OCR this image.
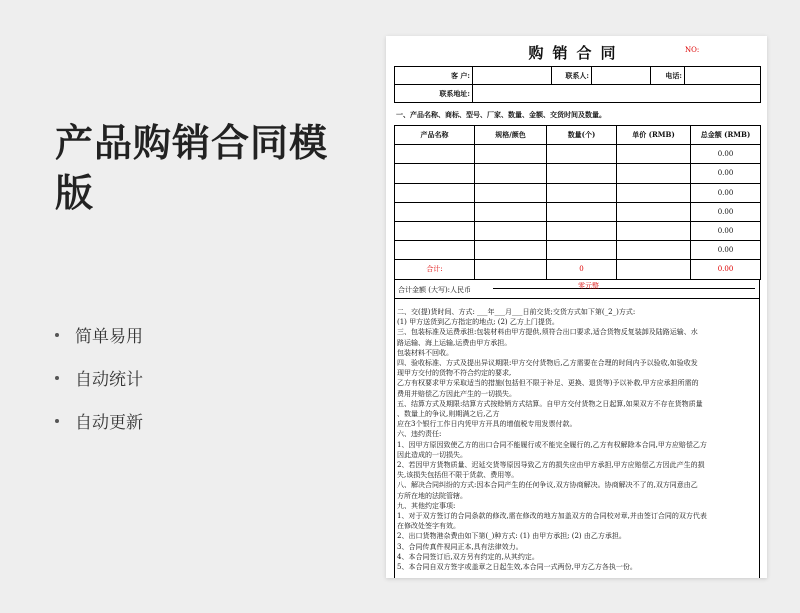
产品购销合同模
版
简单易用
自动统计
自动更新
购销合同	NO:
客 户:		联系人:		电话:	
联系地址:					
一、产品名称、商标、型号、厂家、数量、金额、交货时间及数量。
产品名称	规格/颜色	数量(个)	单价 (RMB)	总金额 (RMB)
				0.00
				0.00
				0.00
				0.00
				0.00
				0.00
合计:		0		0.00
合计金额 (大写):人民币	零元整
二、交(提)货时间、方式: ___年___月___日前交货;交货方式如下第(_2_)方式:
(1) 甲方送货到乙方指定的地点; (2) 乙方上门提货。
三、包装标准及运费承担:包装材料由甲方提供,须符合出口要求,适合货物反复装卸及陆路运输、水
路运输、海上运输,运费由甲方承担。
包装材料不回收。
四、验收标准、方式及提出异议期限:甲方交付货物后,乙方需要在合理的时间内予以验收,如验收发
现甲方交付的货物不符合约定的要求,
乙方有权要求甲方采取适当的措施(包括但不限于补足、更换、退货等)予以补救,甲方应承担所需的
费用并赔偿乙方因此产生的一切损失。
五、结算方式及期限:结算方式按赊销方式结算。自甲方交付货物之日起算,如果双方不存在货物质量
、数量上的争议,则期满之后,乙方
应在3个银行工作日内凭甲方开具的增值税专用发票付款。
六、违约责任:
1、因甲方原因致使乙方的出口合同不能履行或不能完全履行的,乙方有权解除本合同,甲方应赔偿乙方
因此造成的一切损失。
2、若因甲方货物质量、迟延交货等原因导致乙方的损失应由甲方承担,甲方应赔偿乙方因此产生的损
失,该损失包括但不限于货款、费用等。
八、解决合同纠纷的方式:因本合同产生的任何争议,双方协商解决。协商解决不了的,双方同意由乙
方所在地的法院管辖。
九、其他约定事项:
1、对于双方签订的合同条款的修改,需在修改的地方加盖双方的合同校对章,并由签订合同的双方代表
在修改处签字有效。
2、出口货物港杂费由如下第(_)种方式: (1) 由甲方承担; (2) 由乙方承担。
3、合同传真件视同正本,具有法律效力。
4、本合同签订后,双方另有约定的,从其约定。
5、本合同自双方签字或盖章之日起生效,本合同一式两份,甲方乙方各执一份。
